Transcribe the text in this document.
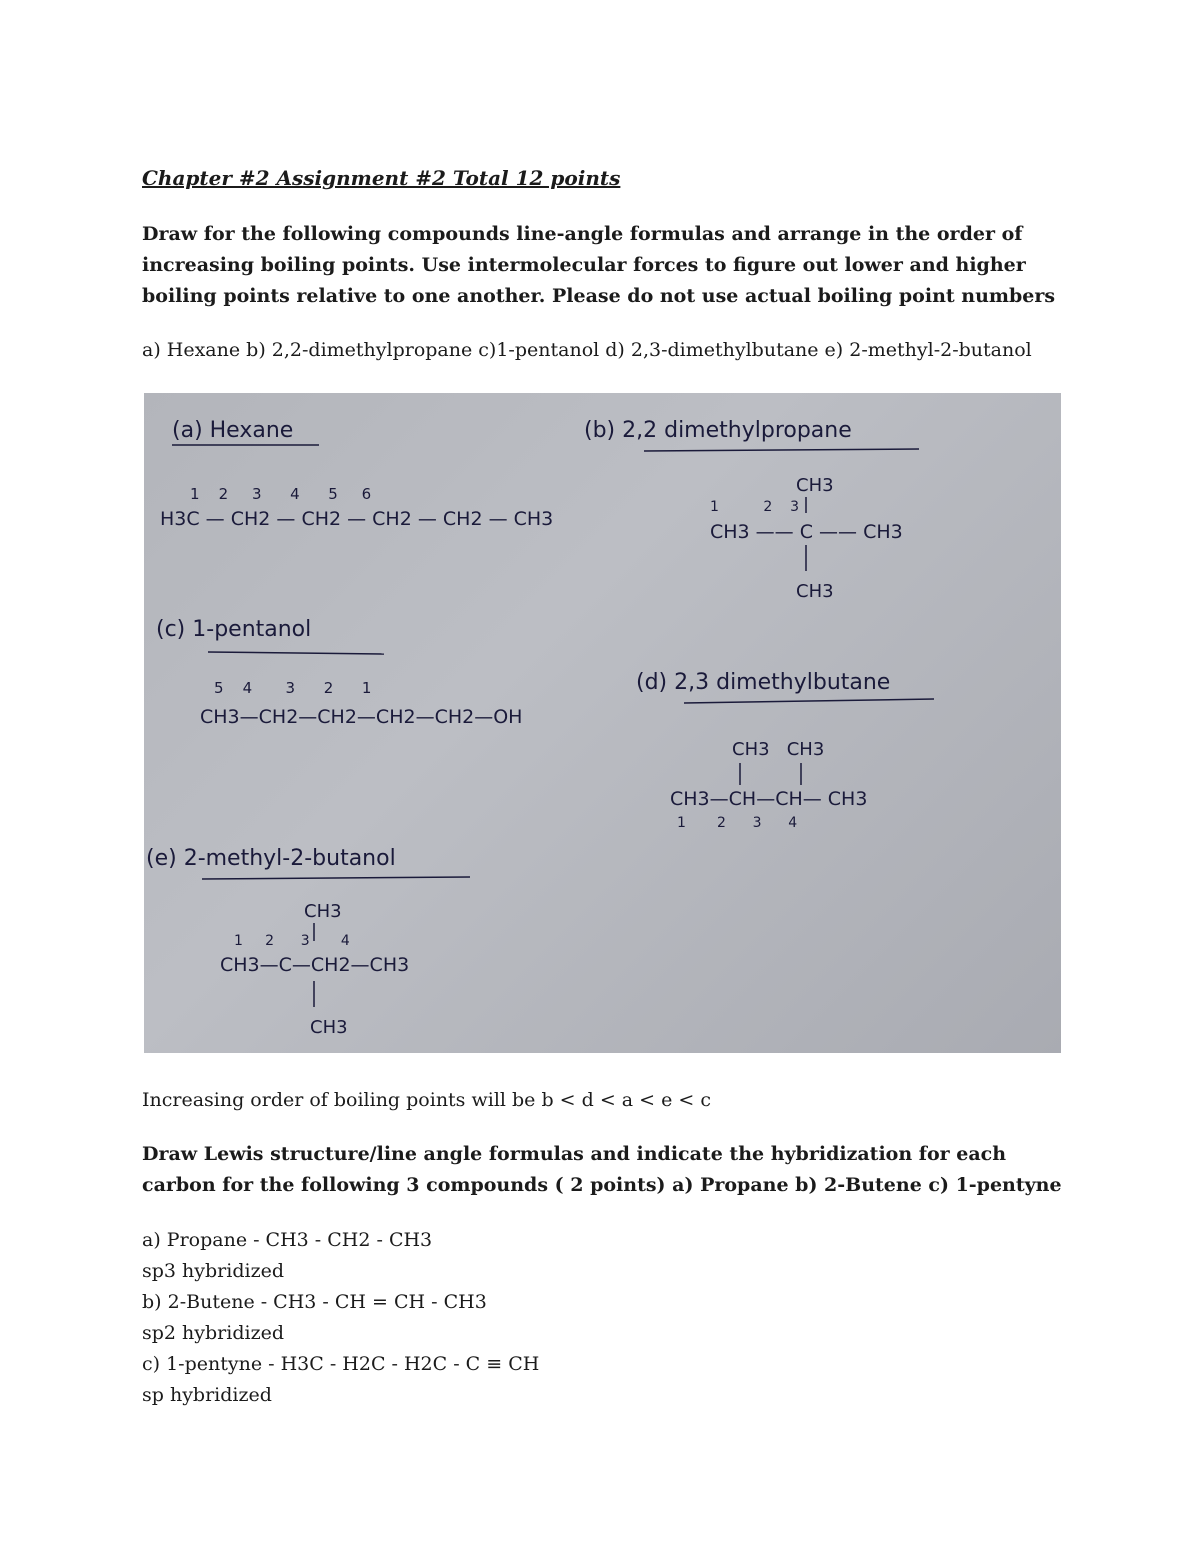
Chapter #2 Assignment #2 Total 12 points
Draw for the following compounds line-angle formulas and arrange in the order of increasing boiling points. Use intermolecular forces to figure out lower and higher boiling points relative to one another. Please do not use actual boiling point numbers
a) Hexane b) 2,2-dimethylpropane c)1-pentanol d) 2,3-dimethylbutane e) 2-methyl-2-butanol
(a) Hexane
1    2     3      4      5     6
H3C — CH2 — CH2 — CH2 — CH2 — CH3
(b) 2,2 dimethylpropane
CH3
1          2    3
CH3 —— C —— CH3
CH3
(c) 1-pentanol
5    4       3      2      1
CH3—CH2—CH2—CH2—CH2—OH
(d) 2,3 dimethylbutane
CH3   CH3
CH3—CH—CH— CH3
1       2      3      4
(e) 2-methyl-2-butanol
CH3
1     2      3       4
CH3—C—CH2—CH3
CH3
Increasing order of boiling points will be b < d < a < e < c
Draw Lewis structure/line angle formulas and indicate the hybridization for each carbon for the following 3 compounds ( 2 points) a) Propane b) 2-Butene c) 1-pentyne
a) Propane - CH3 - CH2 - CH3
sp3 hybridized
b) 2-Butene - CH3 - CH = CH - CH3
sp2 hybridized
c) 1-pentyne - H3C - H2C - H2C - C ≡ CH
sp hybridized
